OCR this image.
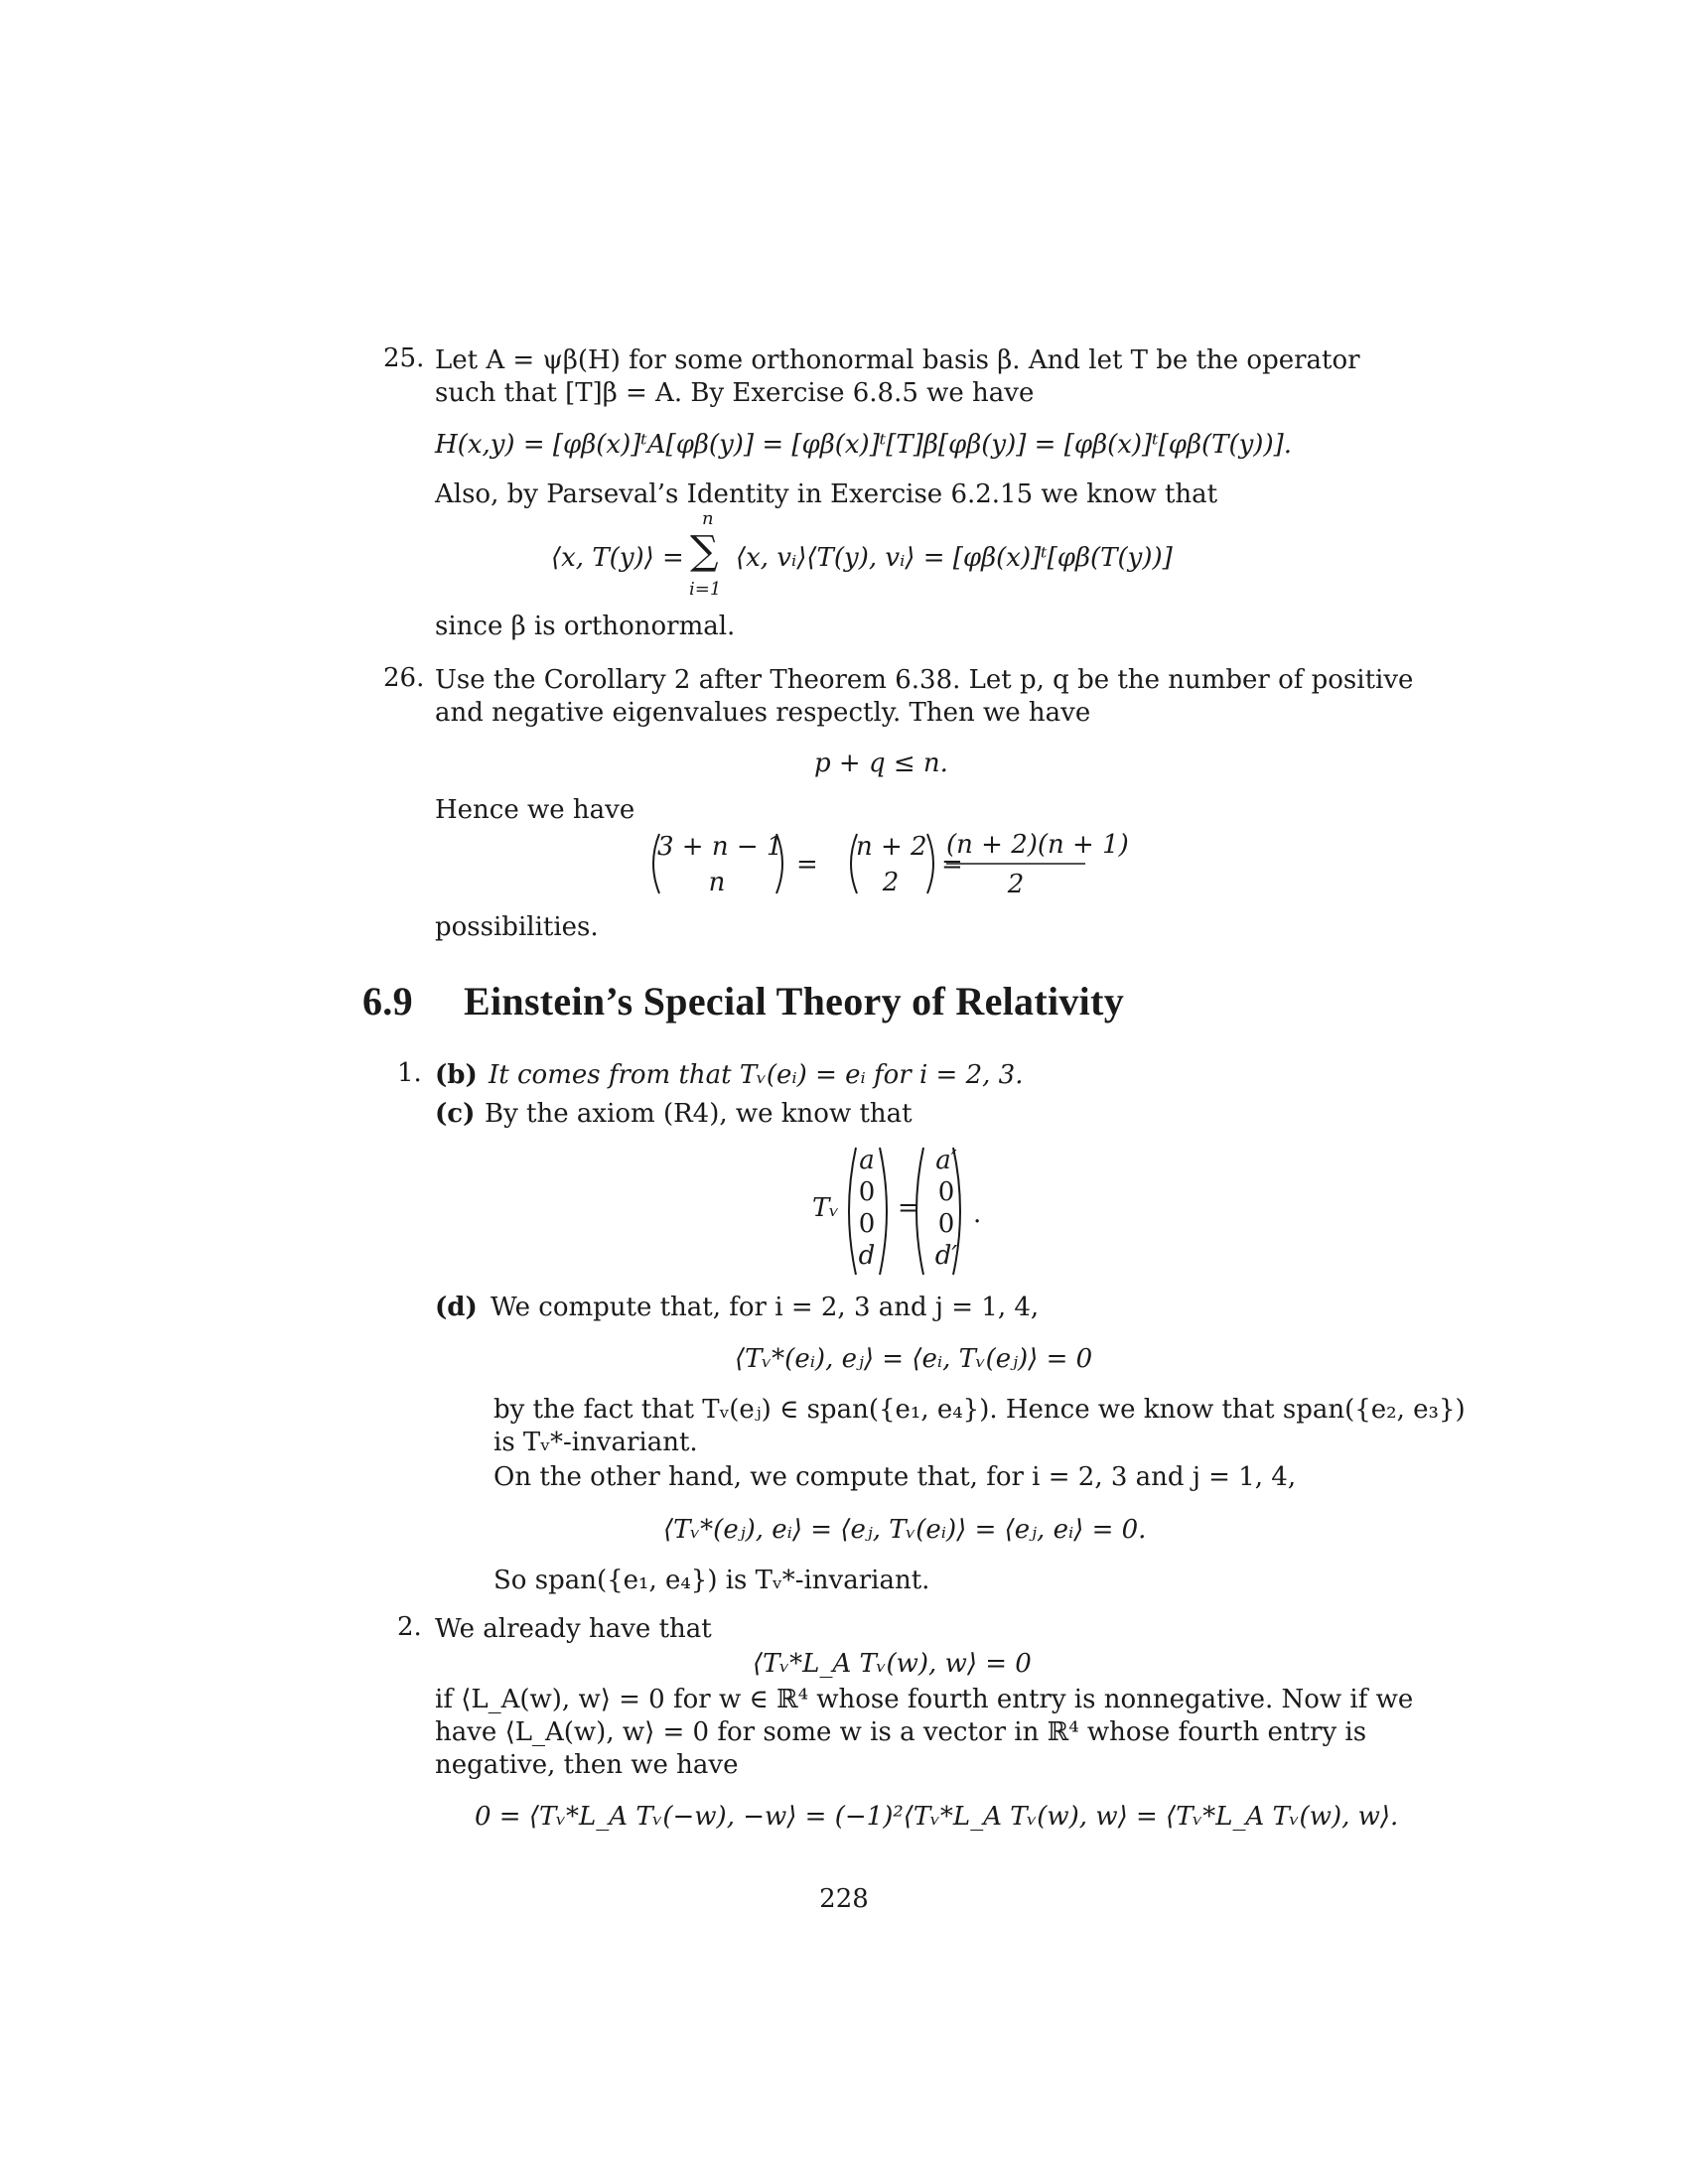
25. Let A = ψβ(H) for some orthonormal basis β. And let T be the operator
such that [T]β = A. By Exercise 6.8.5 we have
H(x,y) = [φβ(x)]ᵗA[φβ(y)] = [φβ(x)]ᵗ[T]β[φβ(y)] = [φβ(x)]ᵗ[φβ(T(y))].
Also, by Parseval’s Identity in Exercise 6.2.15 we know that
⟨x, T(y)⟩ =
n
∑
i=1
⟨x, vᵢ⟩⟨T(y), vᵢ⟩ = [φβ(x)]ᵗ[φβ(T(y))]
since β is orthonormal.
26. Use the Corollary 2 after Theorem 6.38. Let p, q be the number of positive
and negative eigenvalues respectly. Then we have
p + q ≤ n.
Hence we have
3 + n − 1
n
=
n + 2
2
=
(n + 2)(n + 1)
2
possibilities.
6.9 Einstein’s Special Theory of Relativity
1. (b) It comes from that Tᵥ(eᵢ) = eᵢ for i = 2, 3.
(c) By the axiom (R4), we know that
Tᵥ
a
0
0
d
=
a′
0
0
d′
.
(d) We compute that, for i = 2, 3 and j = 1, 4,
⟨Tᵥ*(eᵢ), eⱼ⟩ = ⟨eᵢ, Tᵥ(eⱼ)⟩ = 0
by the fact that Tᵥ(eⱼ) ∈ span({e₁, e₄}). Hence we know that span({e₂, e₃})
is Tᵥ*-invariant.
On the other hand, we compute that, for i = 2, 3 and j = 1, 4,
⟨Tᵥ*(eⱼ), eᵢ⟩ = ⟨eⱼ, Tᵥ(eᵢ)⟩ = ⟨eⱼ, eᵢ⟩ = 0.
So span({e₁, e₄}) is Tᵥ*-invariant.
2. We already have that
⟨Tᵥ*L_A Tᵥ(w), w⟩ = 0
if ⟨L_A(w), w⟩ = 0 for w ∈ ℝ⁴ whose fourth entry is nonnegative. Now if we
have ⟨L_A(w), w⟩ = 0 for some w is a vector in ℝ⁴ whose fourth entry is
negative, then we have
0 = ⟨Tᵥ*L_A Tᵥ(−w), −w⟩ = (−1)²⟨Tᵥ*L_A Tᵥ(w), w⟩ = ⟨Tᵥ*L_A Tᵥ(w), w⟩.
228
